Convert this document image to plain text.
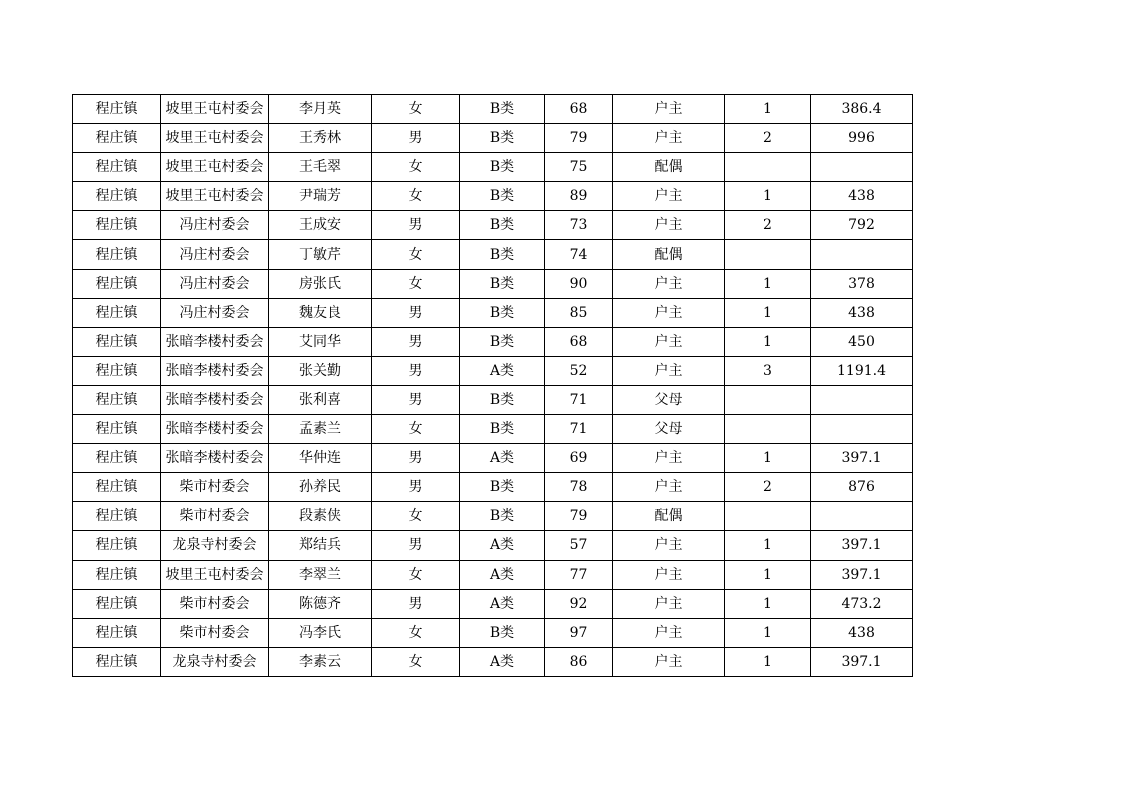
程庄镇	坡里王屯村委会	李月英	女	B类	68	户主	1	386.4
程庄镇	坡里王屯村委会	王秀林	男	B类	79	户主	2	996
程庄镇	坡里王屯村委会	王毛翠	女	B类	75	配偶		
程庄镇	坡里王屯村委会	尹瑞芳	女	B类	89	户主	1	438
程庄镇	冯庄村委会	王成安	男	B类	73	户主	2	792
程庄镇	冯庄村委会	丁敏芹	女	B类	74	配偶		
程庄镇	冯庄村委会	房张氏	女	B类	90	户主	1	378
程庄镇	冯庄村委会	魏友良	男	B类	85	户主	1	438
程庄镇	张暗李楼村委会	艾同华	男	B类	68	户主	1	450
程庄镇	张暗李楼村委会	张关勤	男	A类	52	户主	3	1191.4
程庄镇	张暗李楼村委会	张利喜	男	B类	71	父母		
程庄镇	张暗李楼村委会	孟素兰	女	B类	71	父母		
程庄镇	张暗李楼村委会	华仲连	男	A类	69	户主	1	397.1
程庄镇	柴市村委会	孙养民	男	B类	78	户主	2	876
程庄镇	柴市村委会	段素侠	女	B类	79	配偶		
程庄镇	龙泉寺村委会	郑结兵	男	A类	57	户主	1	397.1
程庄镇	坡里王屯村委会	李翠兰	女	A类	77	户主	1	397.1
程庄镇	柴市村委会	陈德齐	男	A类	92	户主	1	473.2
程庄镇	柴市村委会	冯李氏	女	B类	97	户主	1	438
程庄镇	龙泉寺村委会	李素云	女	A类	86	户主	1	397.1
